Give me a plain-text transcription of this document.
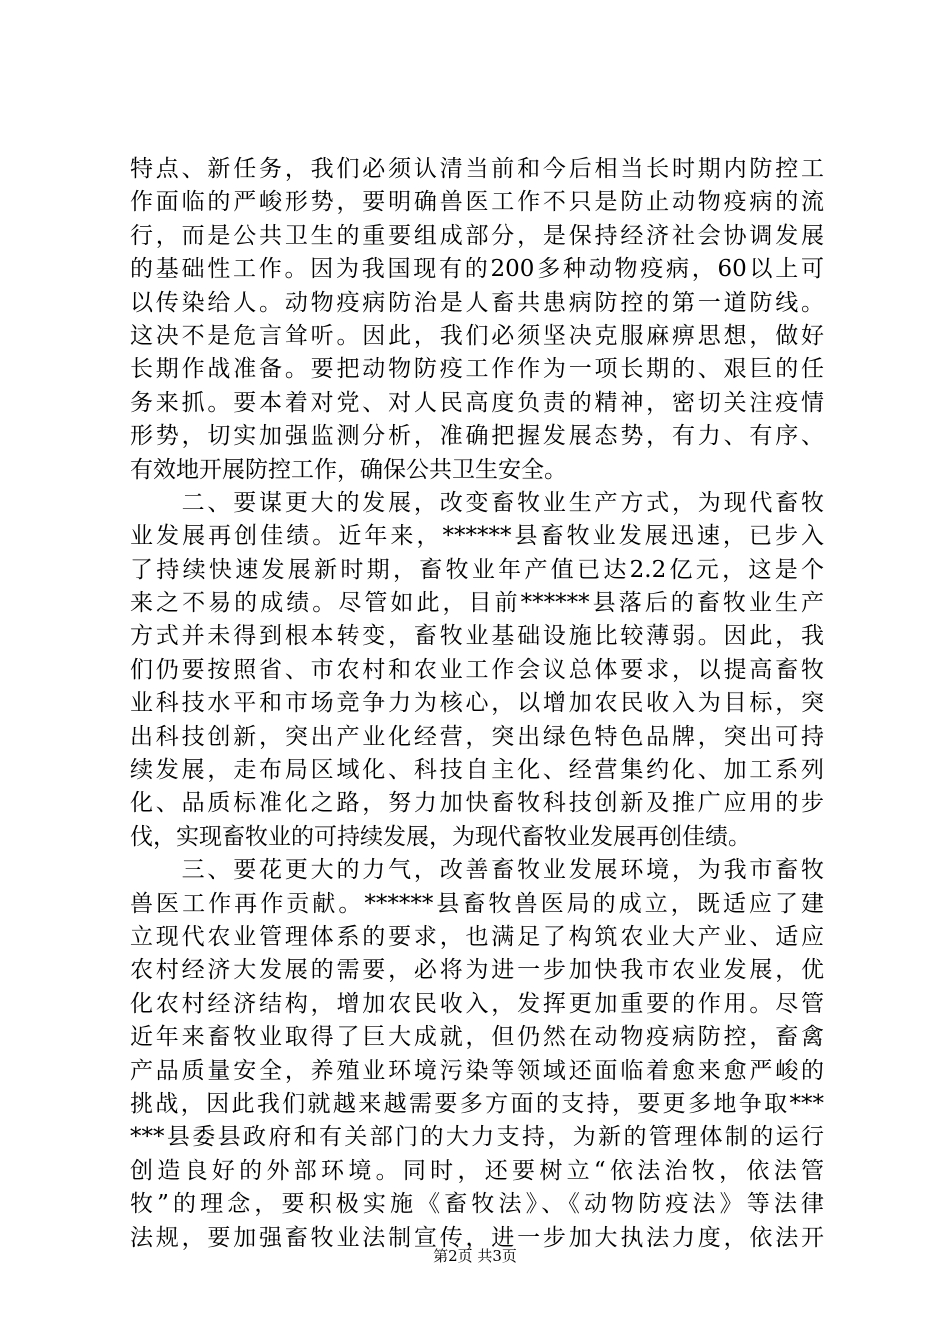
特点、新任务，我们必须认清当前和今后相当长时期内防控工
作面临的严峻形势，要明确兽医工作不只是防止动物疫病的流
行，而是公共卫生的重要组成部分，是保持经济社会协调发展
的基础性工作。因为我国现有的200多种动物疫病，60以上可
以传染给人。动物疫病防治是人畜共患病防控的第一道防线。
这决不是危言耸听。因此，我们必须坚决克服麻痹思想，做好
长期作战准备。要把动物防疫工作作为一项长期的、艰巨的任
务来抓。要本着对党、对人民高度负责的精神，密切关注疫情
形势，切实加强监测分析，准确把握发展态势，有力、有序、
有效地开展防控工作，确保公共卫生安全。
　　二、要谋更大的发展，改变畜牧业生产方式，为现代畜牧
业发展再创佳绩。近年来，******县畜牧业发展迅速，已步入
了持续快速发展新时期，畜牧业年产值已达2.2亿元，这是个
来之不易的成绩。尽管如此，目前******县落后的畜牧业生产
方式并未得到根本转变，畜牧业基础设施比较薄弱。因此，我
们仍要按照省、市农村和农业工作会议总体要求，以提高畜牧
业科技水平和市场竞争力为核心，以增加农民收入为目标，突
出科技创新，突出产业化经营，突出绿色特色品牌，突出可持
续发展，走布局区域化、科技自主化、经营集约化、加工系列
化、品质标准化之路，努力加快畜牧科技创新及推广应用的步
伐，实现畜牧业的可持续发展，为现代畜牧业发展再创佳绩。
　　三、要花更大的力气，改善畜牧业发展环境，为我市畜牧
兽医工作再作贡献。******县畜牧兽医局的成立，既适应了建
立现代农业管理体系的要求，也满足了构筑农业大产业、适应
农村经济大发展的需要，必将为进一步加快我市农业发展，优
化农村经济结构，增加农民收入，发挥更加重要的作用。尽管
近年来畜牧业取得了巨大成就，但仍然在动物疫病防控，畜禽
产品质量安全，养殖业环境污染等领域还面临着愈来愈严峻的
挑战，因此我们就越来越需要多方面的支持，要更多地争取***
***县委县政府和有关部门的大力支持，为新的管理体制的运行
创造良好的外部环境。同时，还要树立“依法治牧，依法管
牧”的理念，要积极实施《畜牧法》、《动物防疫法》等法律
法规，要加强畜牧业法制宣传，进一步加大执法力度，依法开
第2页 共3页
